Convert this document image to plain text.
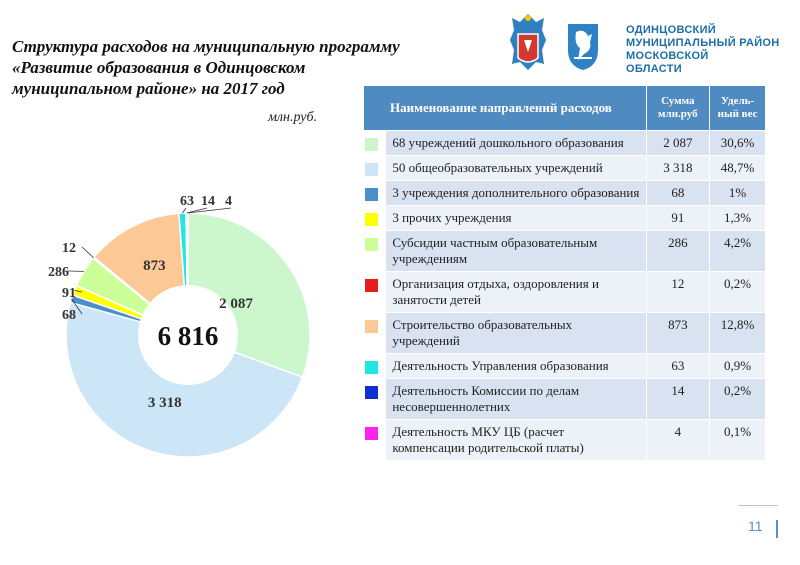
Структура расходов на муниципальную программу
«Развитие образования в Одинцовском
муниципальном районе» на 2017 год
млн.руб.
ОДИНЦОВСКИЙ
МУНИЦИПАЛЬНЫЙ РАЙОН
МОСКОВСКОЙ
ОБЛАСТИ
6 816
2 087
3 318
68
91
286
12
873
63 14 4
Наименование направлений расходов		Сумма млн.руб	Удель-ный вес

	68 учреждений дошкольного образования	2 087	30,6%

	50 общеобразовательных учреждений	3 318	48,7%

	3 учреждения дополнительного образования	68	1%

	3 прочих учреждения	91	1,3%

	Субсидии частным образовательным учреждениям	286	4,2%

	Организация отдыха, оздоровления и занятости детей	12	0,2%

	Строительство образовательных учреждений	873	12,8%

	Деятельность Управления образования	63	0,9%

	Деятельность Комиссии по делам несовершеннолетних	14	0,2%

	Деятельность МКУ ЦБ (расчет компенсации родительской платы)	4	0,1%
11
